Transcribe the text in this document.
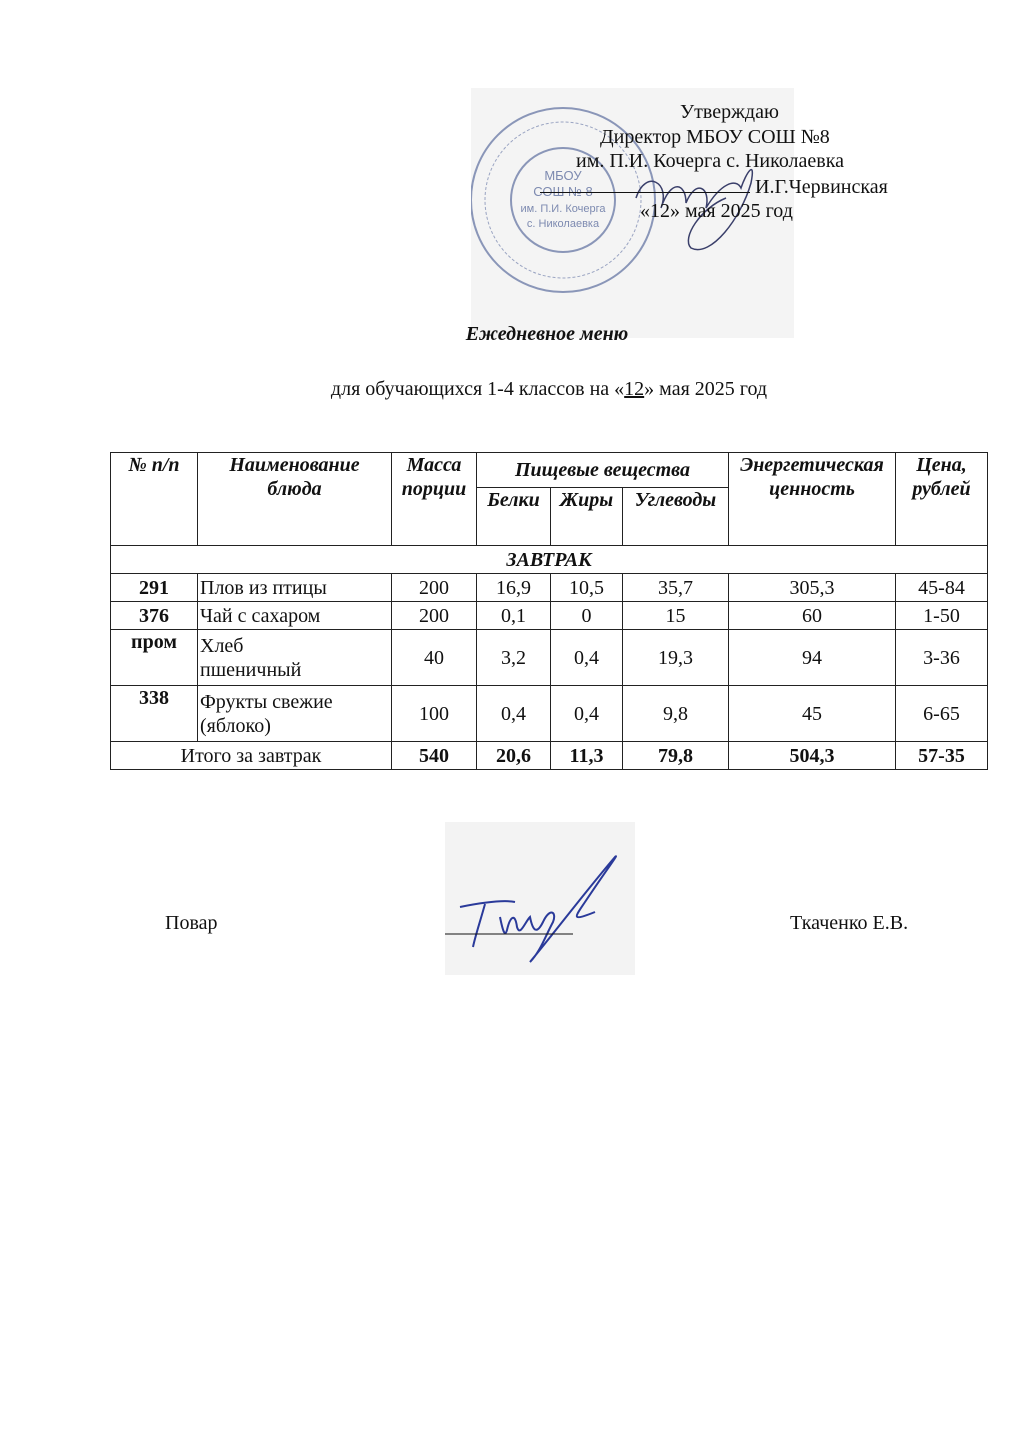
МБОУ
СОШ № 8
им. П.И. Кочерга
с. Николаевка
Утверждаю
Директор МБОУ СОШ №8
им. П.И. Кочерга с. Николаевка
И.Г.Червинская
«12» мая 2025 год
Ежедневное меню
для обучающихся 1-4 классов на «12» мая 2025 год
№ п/п	Наименование блюда	Масса порции	Пищевые вещества			Энергетическая ценность	Цена, рублей
			Белки	Жиры	Углеводы		
ЗАВТРАК							
291	Плов из птицы	200	16,9	10,5	35,7	305,3	45-84
376	Чай с сахаром	200	0,1	0	15	60	1-50
пром	Хлеб пшеничный	40	3,2	0,4	19,3	94	3-36
338	Фрукты свежие (яблоко)	100	0,4	0,4	9,8	45	6-65
Итого за завтрак		540	20,6	11,3	79,8	504,3	57-35
Повар	Ткаченко Е.В.
